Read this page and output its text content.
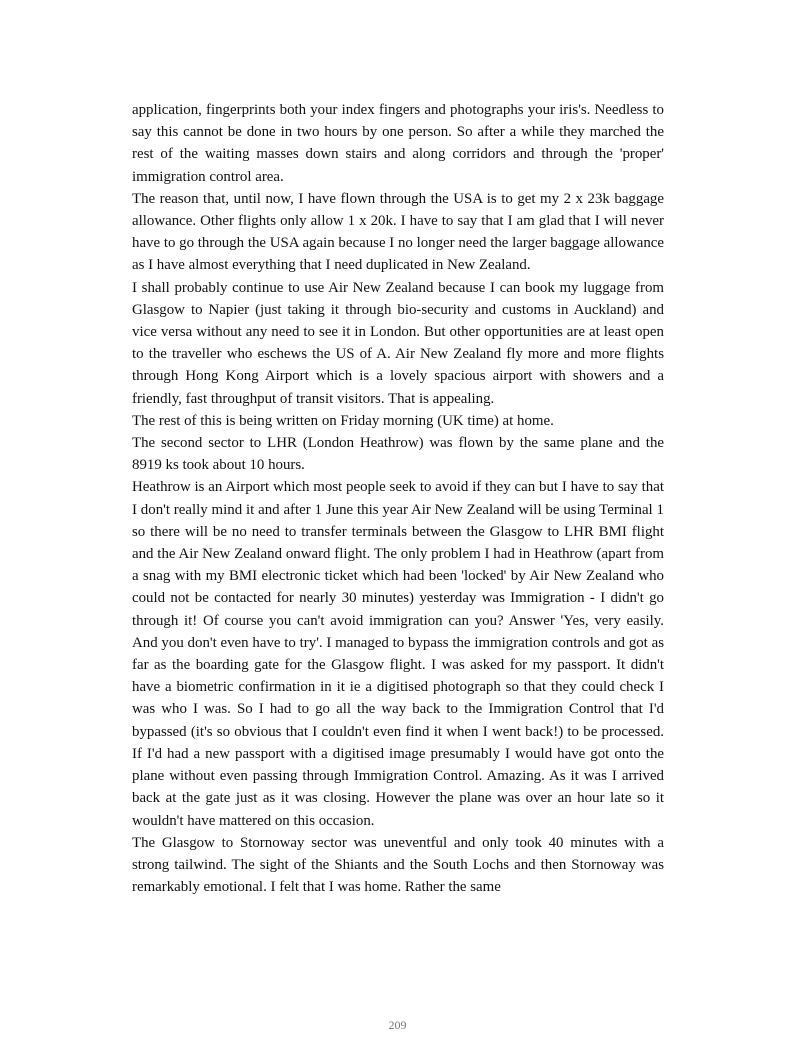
application, fingerprints both your index fingers and photographs your iris's. Needless to say this cannot be done in two hours by one person. So after a while they marched the rest of the waiting masses down stairs and along corridors and through the 'proper' immigration control area.

The reason that, until now, I have flown through the USA is to get my 2 x 23k baggage allowance. Other flights only allow 1 x 20k. I have to say that I am glad that I will never have to go through the USA again because I no longer need the larger baggage allowance as I have almost everything that I need duplicated in New Zealand.

I shall probably continue to use Air New Zealand because I can book my luggage from Glasgow to Napier (just taking it through bio-security and customs in Auckland) and vice versa without any need to see it in London. But other opportunities are at least open to the traveller who eschews the US of A. Air New Zealand fly more and more flights through Hong Kong Airport which is a lovely spacious airport with showers and a friendly, fast throughput of transit visitors. That is appealing.

The rest of this is being written on Friday morning (UK time) at home.

The second sector to LHR (London Heathrow) was flown by the same plane and the 8919 ks took about 10 hours.

Heathrow is an Airport which most people seek to avoid if they can but I have to say that I don't really mind it and after 1 June this year Air New Zealand will be using Terminal 1 so there will be no need to transfer terminals between the Glasgow to LHR BMI flight and the Air New Zealand onward flight. The only problem I had in Heathrow (apart from a snag with my BMI electronic ticket which had been 'locked' by Air New Zealand who could not be contacted for nearly 30 minutes) yesterday was Immigration - I didn't go through it! Of course you can't avoid immigration can you? Answer 'Yes, very easily. And you don't even have to try'. I managed to bypass the immigration controls and got as far as the boarding gate for the Glasgow flight. I was asked for my passport. It didn't have a biometric confirmation in it ie a digitised photograph so that they could check I was who I was. So I had to go all the way back to the Immigration Control that I'd bypassed (it's so obvious that I couldn't even find it when I went back!) to be processed. If I'd had a new passport with a digitised image presumably I would have got onto the plane without even passing through Immigration Control. Amazing. As it was I arrived back at the gate just as it was closing. However the plane was over an hour late so it wouldn't have mattered on this occasion.

The Glasgow to Stornoway sector was uneventful and only took 40 minutes with a strong tailwind. The sight of the Shiants and the South Lochs and then Stornoway was remarkably emotional. I felt that I was home. Rather the same

209
